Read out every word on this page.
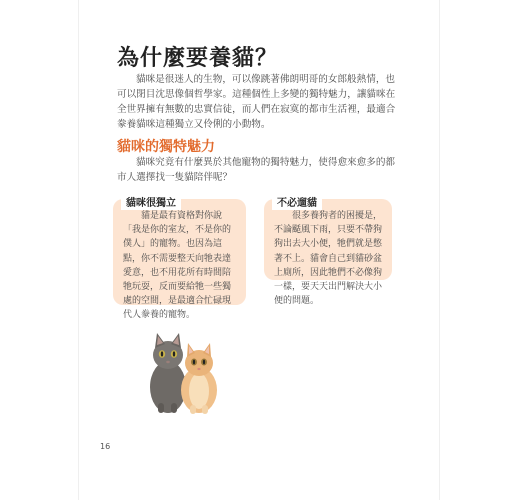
為什麼要養貓？
貓咪是很迷人的生物，可以像跳著佛朗明哥的女郎般熱情，也可以閉目沈思像個哲學家。這種個性上多變的獨特魅力，讓貓咪在全世界擁有無數的忠實信徒，而人們在寂寞的都市生活裡，最適合豢養貓咪這種獨立又伶俐的小動物。
貓咪的獨特魅力
貓咪究竟有什麼異於其他寵物的獨特魅力，使得愈來愈多的都市人選擇找一隻貓陪伴呢？
貓咪很獨立
貓是最有資格對你說「我是你的室友，不是你的僕人」的寵物。也因為這點，你不需要整天向牠表達愛意，也不用花所有時間陪牠玩耍，反而要給牠一些獨處的空間，是最適合忙碌現代人豢養的寵物。
不必遛貓
很多養狗者的困擾是，不論颳風下雨，只要不帶狗狗出去大小便，牠們就是憋著不上。貓會自己到貓砂盆上廁所，因此牠們不必像狗一樣，要天天出門解決大小便的問題。
16
